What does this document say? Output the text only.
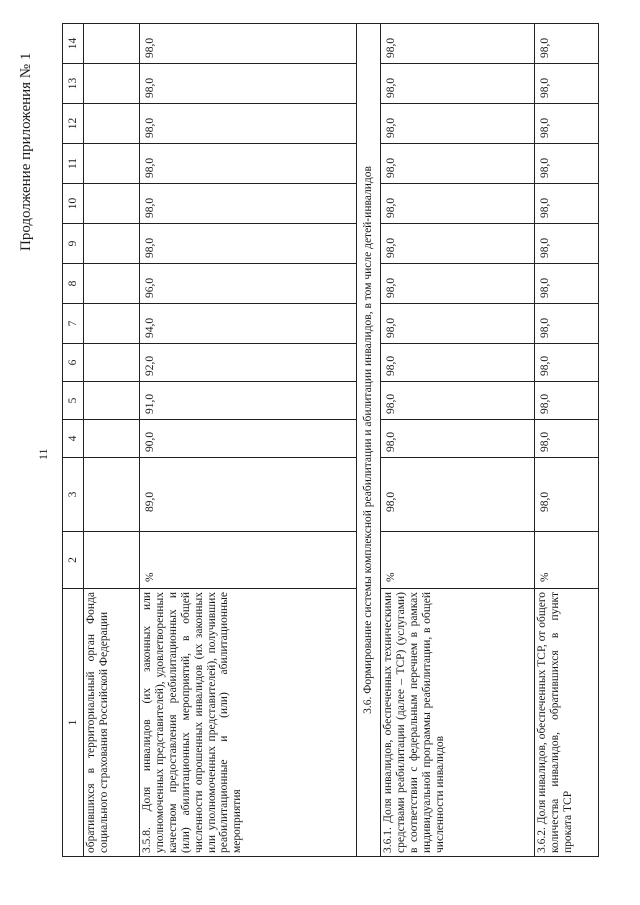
Продолжение приложения № 1
11
1	2	3	4	5	6	7	8	9	10	11	12	13	14
обратившихся в территориальный орган Фонда социального страхования Российской Федерации													
3.5.8. Доля инвалидов (их законных или уполномоченных представителей), удовлетворенных качеством предоставления реабилитационных и (или) абилитационных мероприятий, в общей численности опрошенных инвалидов (их законных или уполномоченных представителей), получивших реабилитационные и (или) абилитационные мероприятия	%	89,0	90,0	91,0	92,0	94,0	96,0	98,0	98,0	98,0	98,0	98,0	98,0
3.6. Формирование системы комплексной реабилитации и абилитации инвалидов, в том числе детей-инвалидов													
3.6.1. Доля инвалидов, обеспеченных техническими средствами реабилитации (далее – ТСР) (услугами) в соответствии с федеральным перечнем в рамках индивидуальной программы реабилитации, в общей численности инвалидов	%	98,0	98,0	98,0	98,0	98,0	98,0	98,0	98,0	98,0	98,0	98,0	98,0
3.6.2. Доля инвалидов, обеспеченных ТСР, от общего количества инвалидов, обратившихся в пункт проката ТСР	%	98,0	98,0	98,0	98,0	98,0	98,0	98,0	98,0	98,0	98,0	98,0	98,0
